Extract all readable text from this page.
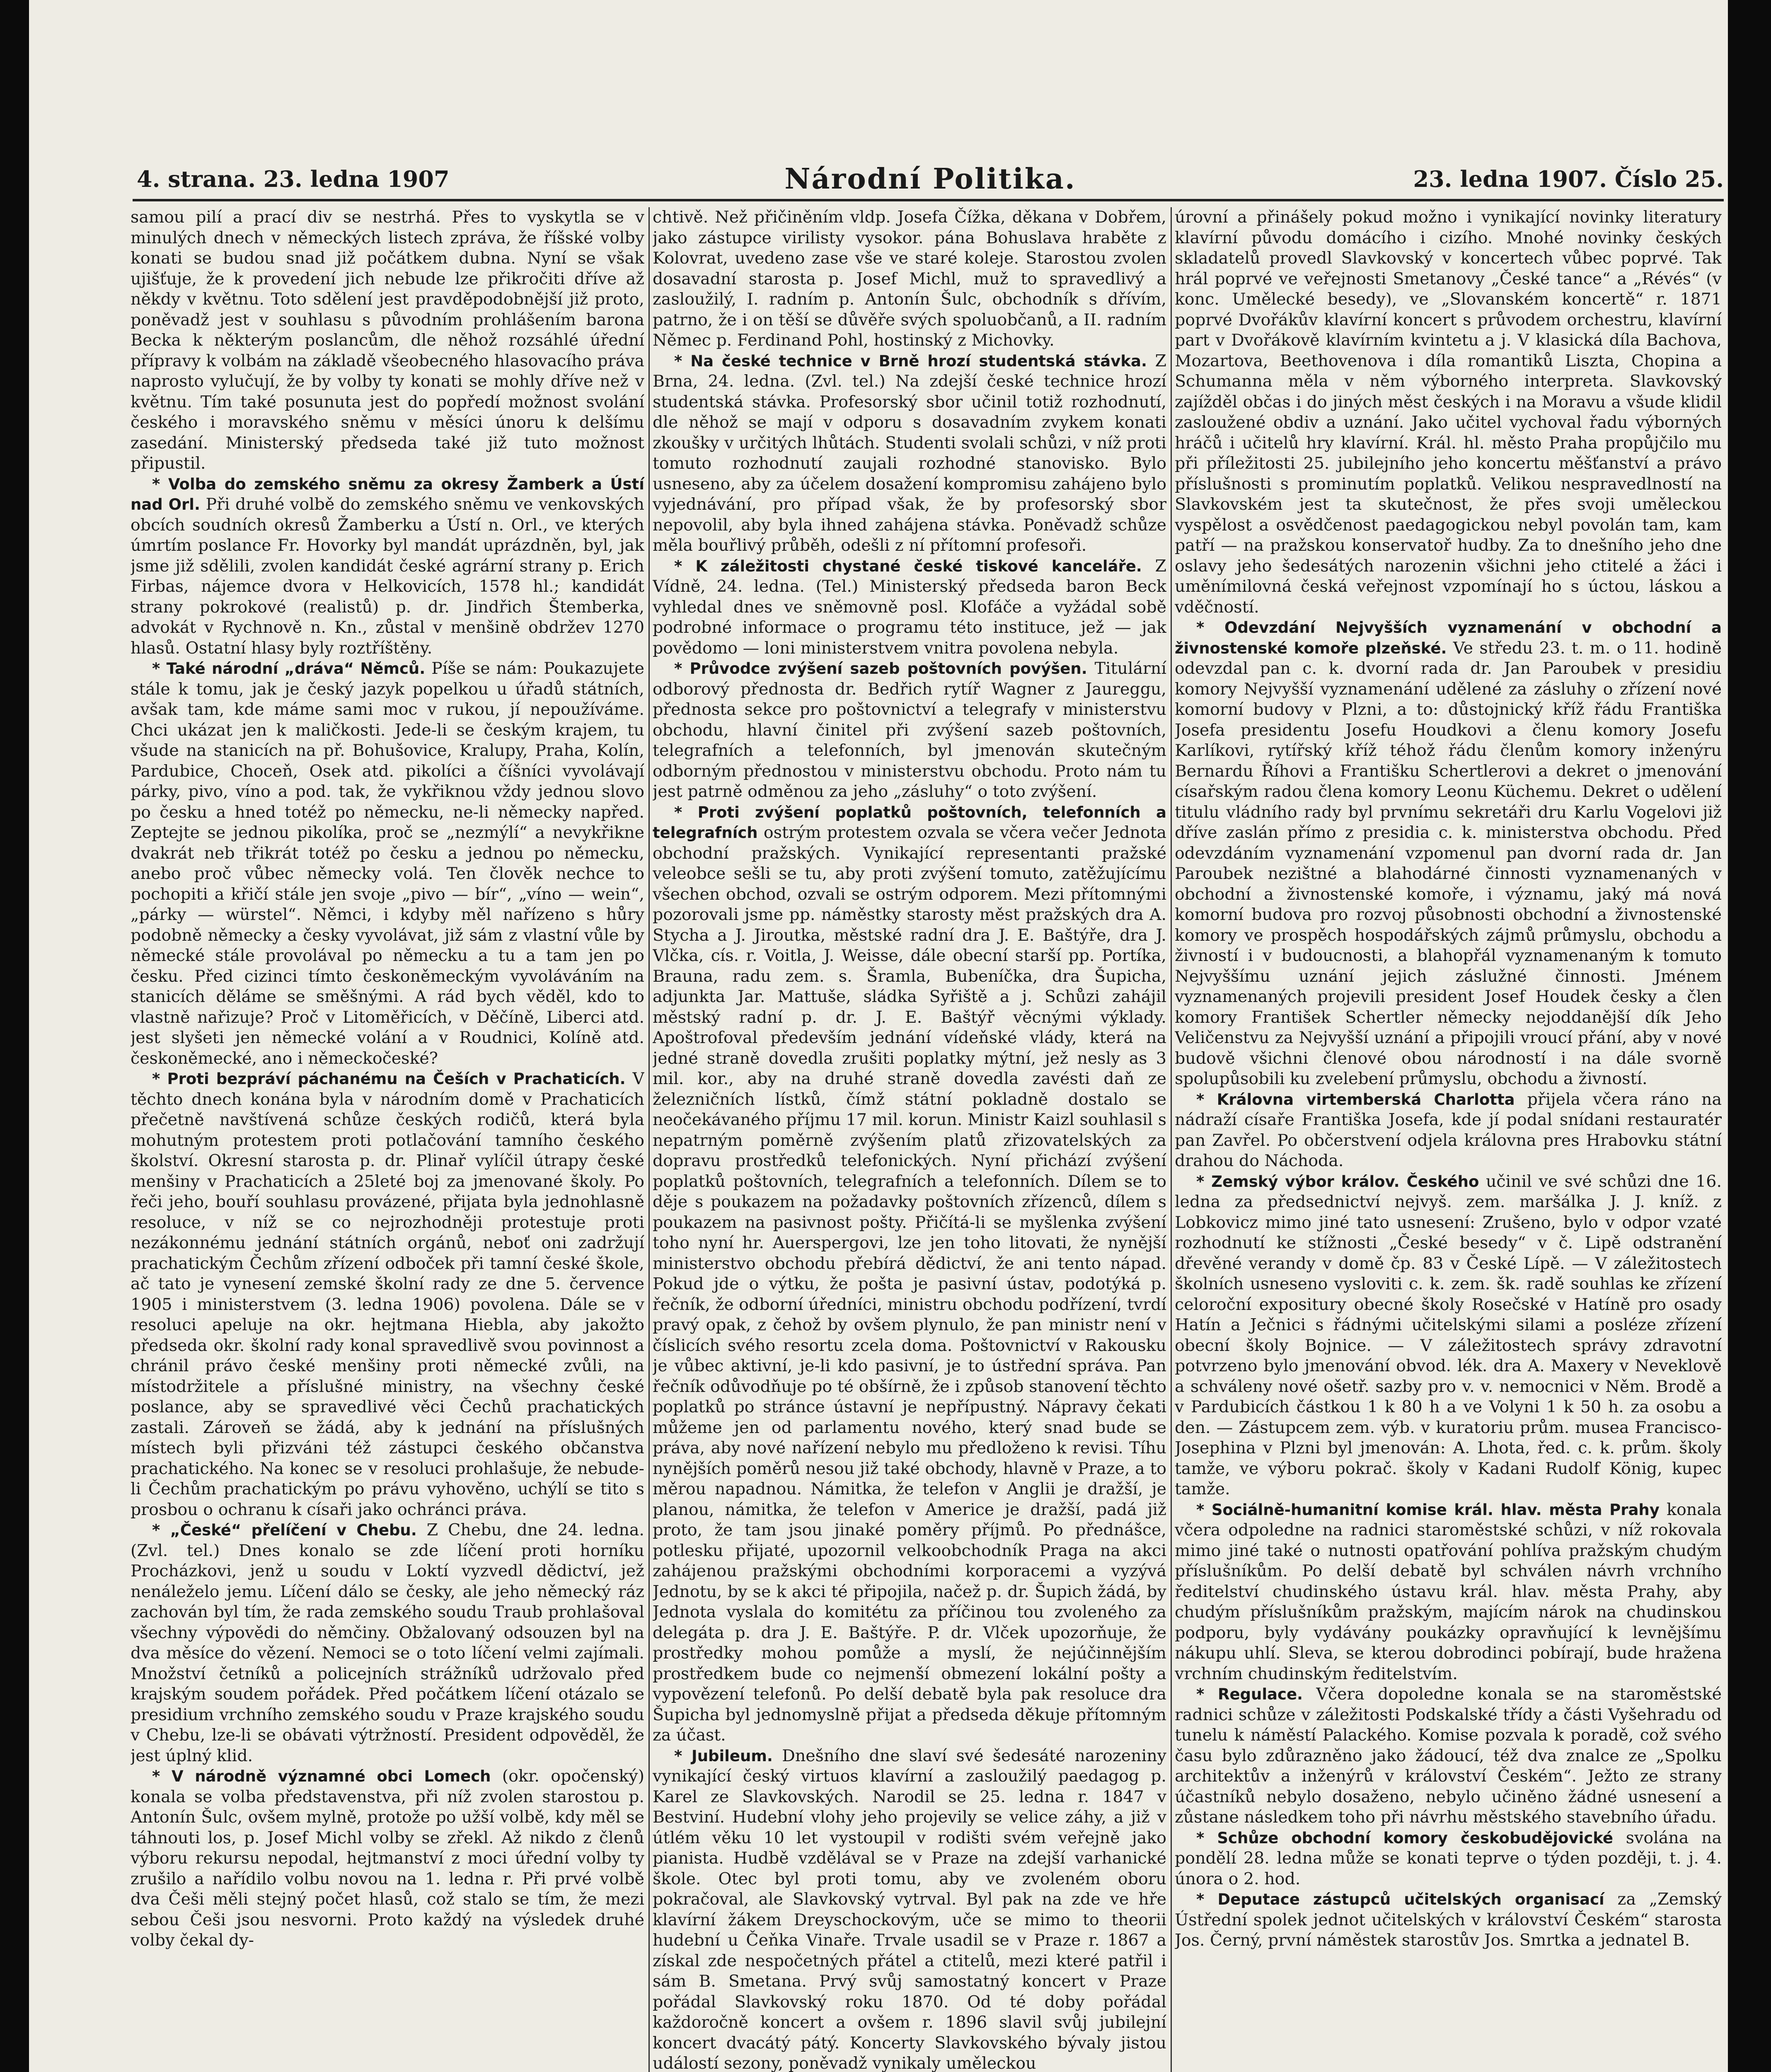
4. strana. 23. ledna 1907	Národní Politika.	23. ledna 1907. Číslo 25.

samou pilí a prací div se nestrhá. Přes to vyskytla se v minulých dnech v německých listech zpráva, že říšské volby konati se budou snad již počátkem dubna. Nyní se však ujišťuje, že k provedení jich nebude lze přikročiti dříve až někdy v květnu. Toto sdělení jest pravděpodobnější již proto, poněvadž jest v souhlasu s původním prohlášením barona Becka k některým poslancům, dle něhož rozsáhlé úřední přípravy k volbám na základě všeobecného hlasovacího práva naprosto vylučují, že by volby ty konati se mohly dříve než v květnu. Tím také posunuta jest do popředí možnost svolání českého i moravského sněmu v měsíci únoru k delšímu zasedání. Ministerský předseda také již tuto možnost připustil.

* Volba do zemského sněmu za okresy Žamberk a Ústí nad Orl. Při druhé volbě do zemského sněmu ve venkovských obcích soudních okresů Žamberku a Ústí n. Orl., ve kterých úmrtím poslance Fr. Hovorky byl mandát uprázdněn, byl, jak jsme již sdělili, zvolen kandidát české agrární strany p. Erich Firbas, nájemce dvora v Helkovicích, 1578 hl.; kandidát strany pokrokové (realistů) p. dr. Jindřich Štemberka, advokát v Rychnově n. Kn., zůstal v menšině obdržev 1270 hlasů. Ostatní hlasy byly roztříštěny.

* Také národní „dráva“ Němců. Píše se nám: Poukazujete stále k tomu, jak je český jazyk popelkou u úřadů státních, avšak tam, kde máme sami moc v rukou, jí nepoužíváme. Chci ukázat jen k maličkosti. Jede-li se českým krajem, tu všude na stanicích na př. Bohušovice, Kralupy, Praha, Kolín, Pardubice, Choceň, Osek atd. pikolíci a číšníci vyvolávají párky, pivo, víno a pod. tak, že vykřiknou vždy jednou slovo po česku a hned totéž po německu, ne-li německy napřed. Zeptejte se jednou pikolíka, proč se „nezmýlí“ a nevykřikne dvakrát neb třikrát totéž po česku a jednou po německu, anebo proč vůbec německy volá. Ten člověk nechce to pochopiti a křičí stále jen svoje „pivo — bír“, „víno — wein“, „párky — würstel“. Němci, i kdyby měl nařízeno s hůry podobně německy a česky vyvolávat, již sám z vlastní vůle by německé stále provolával po německu a tu a tam jen po česku. Před cizinci tímto českoněmeckým vyvoláváním na stanicích děláme se směšnými. A rád bych věděl, kdo to vlastně nařizuje? Proč v Litoměřicích, v Děčíně, Liberci atd. jest slyšeti jen německé volání a v Roudnici, Kolíně atd. českoněmecké, ano i německočeské?

* Proti bezpráví páchanému na Češích v Prachaticích. V těchto dnech konána byla v národním domě v Prachaticích přečetně navštívená schůze českých rodičů, která byla mohutným protestem proti potlačování tamního českého školství. Okresní starosta p. dr. Plinař vylíčil útrapy české menšiny v Prachaticích a 25leté boj za jmenované školy. Po řeči jeho, bouří souhlasu provázené, přijata byla jednohlasně resoluce, v níž se co nejrozhodněji protestuje proti nezákonnému jednání státních orgánů, neboť oni zadržují prachatickým Čechům zřízení odboček při tamní české škole, ač tato je vynesení zemské školní rady ze dne 5. července 1905 i ministerstvem (3. ledna 1906) povolena. Dále se v resoluci apeluje na okr. hejtmana Hiebla, aby jakožto předseda okr. školní rady konal spravedlivě svou povinnost a chránil právo české menšiny proti německé zvůli, na místodržitele a příslušné ministry, na všechny české poslance, aby se spravedlivé věci Čechů prachatických zastali. Zároveň se žádá, aby k jednání na příslušných místech byli přizváni též zástupci českého občanstva prachatického. Na konec se v resoluci prohlašuje, že nebude-li Čechům prachatickým po právu vyhověno, uchýlí se tito s prosbou o ochranu k císaři jako ochránci práva.

* „České“ přelíčení v Chebu. Z Chebu, dne 24. ledna. (Zvl. tel.) Dnes konalo se zde líčení proti horníku Procházkovi, jenž u soudu v Loktí vyzvedl dědictví, jež nenáleželo jemu. Líčení dálo se česky, ale jeho německý ráz zachován byl tím, že rada zemského soudu Traub prohlašoval všechny výpovědi do němčiny. Obžalovaný odsouzen byl na dva měsíce do vězení. Nemoci se o toto líčení velmi zajímali. Množství četníků a policejních strážníků udržovalo před krajským soudem pořádek. Před počátkem líčení otázalo se presidium vrchního zemského soudu v Praze krajského soudu v Chebu, lze-li se obávati výtržností. President odpověděl, že jest úplný klid.

* V národně významné obci Lomech (okr. opočenský) konala se volba představenstva, při níž zvolen starostou p. Antonín Šulc, ovšem mylně, protože po užší volbě, kdy měl se táhnouti los, p. Josef Michl volby se zřekl. Až nikdo z členů výboru rekursu nepodal, hejtmanství z moci úřední volby ty zrušilo a nařídilo volbu novou na 1. ledna r. Při prvé volbě dva Češi měli stejný počet hlasů, což stalo se tím, že mezi sebou Češi jsou nesvorni. Proto každý na výsledek druhé volby čekal dy-

chtivě. Než přičiněním vldp. Josefa Čížka, děkana v Dobřem, jako zástupce virilisty vysokor. pána Bohuslava hraběte z Kolovrat, uvedeno zase vše ve staré koleje. Starostou zvolen dosavadní starosta p. Josef Michl, muž to spravedlivý a zasloužilý, I. radním p. Antonín Šulc, obchodník s dřívím, patrno, že i on těší se důvěře svých spoluobčanů, a II. radním Němec p. Ferdinand Pohl, hostinský z Michovky.

* Na české technice v Brně hrozí studentská stávka. Z Brna, 24. ledna. (Zvl. tel.) Na zdejší české technice hrozí studentská stávka. Profesorský sbor učinil totiž rozhodnutí, dle něhož se mají v odporu s dosavadním zvykem konati zkoušky v určitých lhůtách. Studenti svolali schůzi, v níž proti tomuto rozhodnutí zaujali rozhodné stanovisko. Bylo usneseno, aby za účelem dosažení kompromisu zahájeno bylo vyjednávání, pro případ však, že by profesorský sbor nepovolil, aby byla ihned zahájena stávka. Poněvadž schůze měla bouřlivý průběh, odešli z ní přítomní profesoři.

* K záležitosti chystané české tiskové kanceláře. Z Vídně, 24. ledna. (Tel.) Ministerský předseda baron Beck vyhledal dnes ve sněmovně posl. Klofáče a vyžádal sobě podrobné informace o programu této instituce, jež — jak povědomo — loni ministerstvem vnitra povolena nebyla.

* Průvodce zvýšení sazeb poštovních povýšen. Titulární odborový přednosta dr. Bedřich rytíř Wagner z Jaureggu, přednosta sekce pro poštovnictví a telegrafy v ministerstvu obchodu, hlavní činitel při zvýšení sazeb poštovních, telegrafních a telefonních, byl jmenován skutečným odborným přednostou v ministerstvu obchodu. Proto nám tu jest patrně odměnou za jeho „zásluhy“ o toto zvýšení.

* Proti zvýšení poplatků poštovních, telefonních a telegrafních ostrým protestem ozvala se včera večer Jednota obchodní pražských. Vynikající representanti pražské veleobce sešli se tu, aby proti zvýšení tomuto, zatěžujícímu všechen obchod, ozvali se ostrým odporem. Mezi přítomnými pozorovali jsme pp. náměstky starosty měst pražských dra A. Stycha a J. Jiroutka, městské radní dra J. E. Baštýře, dra J. Vlčka, cís. r. Voitla, J. Weisse, dále obecní starší pp. Portíka, Brauna, radu zem. s. Šramla, Bubeníčka, dra Šupicha, adjunkta Jar. Mattuše, sládka Syřiště a j. Schůzi zahájil městský radní p. dr. J. E. Baštýř věcnými výklady. Apoštrofoval především jednání vídeňské vlády, která na jedné straně dovedla zrušiti poplatky mýtní, jež nesly as 3 mil. kor., aby na druhé straně dovedla zavésti daň ze železničních lístků, čímž státní pokladně dostalo se neočekávaného příjmu 17 mil. korun. Ministr Kaizl souhlasil s nepatrným poměrně zvýšením platů zřizovatelských za dopravu prostředků telefonických. Nyní přichází zvýšení poplatků poštovních, telegrafních a telefonních. Dílem se to děje s poukazem na požadavky poštovních zřízenců, dílem s poukazem na pasivnost pošty. Přičítá-li se myšlenka zvýšení toho nyní hr. Auerspergovi, lze jen toho litovati, že nynější ministerstvo obchodu přebírá dědictví, že ani tento nápad. Pokud jde o výtku, že pošta je pasivní ústav, podotýká p. řečník, že odborní úředníci, ministru obchodu podřízení, tvrdí pravý opak, z čehož by ovšem plynulo, že pan ministr není v číslicích svého resortu zcela doma. Poštovnictví v Rakousku je vůbec aktivní, je-li kdo pasivní, je to ústřední správa. Pan řečník odůvodňuje po té obšírně, že i způsob stanovení těchto poplatků po stránce ústavní je nepřípustný. Nápravy čekati můžeme jen od parlamentu nového, který snad bude se práva, aby nové nařízení nebylo mu předloženo k revisi. Tíhu nynějších poměrů nesou již také obchody, hlavně v Praze, a to měrou napadnou. Námitka, že telefon v Anglii je dražší, je planou, námitka, že telefon v Americe je dražší, padá již proto, že tam jsou jinaké poměry příjmů. Po přednášce, potlesku přijaté, upozornil velkoobchodník Praga na akci zahájenou pražskými obchodními korporacemi a vyzývá Jednotu, by se k akci té připojila, načež p. dr. Šupich žádá, by Jednota vyslala do komitétu za příčinou tou zvoleného za delegáta p. dra J. E. Baštýře. P. dr. Vlček upozorňuje, že prostředky mohou pomůže a myslí, že nejúčinnějším prostředkem bude co nejmenší obmezení lokální pošty a vypovězení telefonů. Po delší debatě byla pak resoluce dra Šupicha byl jednomyslně přijat a předseda děkuje přítomným za účast.

* Jubileum. Dnešního dne slaví své šedesáté narozeniny vynikající český virtuos klavírní a zasloužilý paedagog p. Karel ze Slavkovských. Narodil se 25. ledna r. 1847 v Bestviní. Hudební vlohy jeho projevily se velice záhy, a již v útlém věku 10 let vystoupil v rodišti svém veřejně jako pianista. Hudbě vzdělával se v Praze na zdejší varhanické škole. Otec byl proti tomu, aby ve zvoleném oboru pokračoval, ale Slavkovský vytrval. Byl pak na zde ve hře klavírní žákem Dreyschockovým, uče se mimo to theorii hudební u Čeňka Vinaře. Trvale usadil se v Praze r. 1867 a získal zde nespočetných přátel a ctitelů, mezi které patřil i sám B. Smetana. Prvý svůj samostatný koncert v Praze pořádal Slavkovský roku 1870. Od té doby pořádal každoročně koncert a ovšem r. 1896 slavil svůj jubilejní koncert dvacátý pátý. Koncerty Slavkovského bývaly jistou událostí sezony, poněvadž vynikaly uměleckou

úrovní a přinášely pokud možno i vynikající novinky literatury klavírní původu domácího i cizího. Mnohé novinky českých skladatelů provedl Slavkovský v koncertech vůbec poprvé. Tak hrál poprvé ve veřejnosti Smetanovy „České tance“ a „Révés“ (v konc. Umělecké besedy), ve „Slovanském koncertě“ r. 1871 poprvé Dvořákův klavírní koncert s průvodem orchestru, klavírní part v Dvořákově klavírním kvintetu a j. V klasická díla Bachova, Mozartova, Beethovenova i díla romantiků Liszta, Chopina a Schumanna měla v něm výborného interpreta. Slavkovský zajížděl občas i do jiných měst českých i na Moravu a všude klidil zasloužené obdiv a uznání. Jako učitel vychoval řadu výborných hráčů i učitelů hry klavírní. Král. hl. město Praha propůjčilo mu při příležitosti 25. jubilejního jeho koncertu měšťanství a právo příslušnosti s prominutím poplatků. Velikou nespravedlností na Slavkovském jest ta skutečnost, že přes svoji uměleckou vyspělost a osvědčenost paedagogickou nebyl povolán tam, kam patří — na pražskou konservatoř hudby. Za to dnešního jeho dne oslavy jeho šedesátých narozenin všichni jeho ctitelé a žáci i uměnímilovná česká veřejnost vzpomínají ho s úctou, láskou a vděčností.

* Odevzdání Nejvyšších vyznamenání v obchodní a živnostenské komoře plzeňské. Ve středu 23. t. m. o 11. hodině odevzdal pan c. k. dvorní rada dr. Jan Paroubek v presidiu komory Nejvyšší vyznamenání udělené za zásluhy o zřízení nové komorní budovy v Plzni, a to: důstojnický kříž řádu Františka Josefa presidentu Josefu Houdkovi a členu komory Josefu Karlíkovi, rytířský kříž téhož řádu členům komory inženýru Bernardu Říhovi a Františku Schertlerovi a dekret o jmenování císařským radou člena komory Leonu Küchemu. Dekret o udělení titulu vládního rady byl prvnímu sekretáři dru Karlu Vogelovi již dříve zaslán přímo z presidia c. k. ministerstva obchodu. Před odevzdáním vyznamenání vzpomenul pan dvorní rada dr. Jan Paroubek nezištné a blahodárné činnosti vyznamenaných v obchodní a živnostenské komoře, i významu, jaký má nová komorní budova pro rozvoj působnosti obchodní a živnostenské komory ve prospěch hospodářských zájmů průmyslu, obchodu a živností i v budoucnosti, a blahopřál vyznamenaným k tomuto Nejvyššímu uznání jejich záslužné činnosti. Jménem vyznamenaných projevili president Josef Houdek česky a člen komory František Schertler německy nejoddanější dík Jeho Veličenstvu za Nejvyšší uznání a připojili vroucí přání, aby v nové budově všichni členové obou národností i na dále svorně spolupůsobili ku zvelebení průmyslu, obchodu a živností.

* Královna virtemberská Charlotta přijela včera ráno na nádraží císaře Františka Josefa, kde jí podal snídani restauratér pan Zavřel. Po občerstvení odjela královna pres Hrabovku státní drahou do Náchoda.

* Zemský výbor králov. Českého učinil ve své schůzi dne 16. ledna za předsednictví nejvyš. zem. maršálka J. J. kníž. z Lobkovicz mimo jiné tato usnesení: Zrušeno, bylo v odpor vzaté rozhodnutí ke stížnosti „České besedy“ v č. Lipě odstranění dřevěné verandy v domě čp. 83 v České Lípě. — V záležitostech školních usneseno vysloviti c. k. zem. šk. radě souhlas ke zřízení celoroční expositury obecné školy Rosečské v Hatíně pro osady Hatín a Ječnici s řádnými učitelskými silami a posléze zřízení obecní školy Bojnice. — V záležitostech správy zdravotní potvrzeno bylo jmenování obvod. lék. dra A. Maxery v Neveklově a schváleny nové ošetř. sazby pro v. v. nemocnici v Něm. Brodě a v Pardubicích částkou 1 k 80 h a ve Volyni 1 k 50 h. za osobu a den. — Zástupcem zem. výb. v kuratoriu prům. musea Francisco-Josephina v Plzni byl jmenován: A. Lhota, řed. c. k. prům. školy tamže, ve výboru pokrač. školy v Kadani Rudolf König, kupec tamže.

* Sociálně-humanitní komise král. hlav. města Prahy konala včera odpoledne na radnici staroměstské schůzi, v níž rokovala mimo jiné také o nutnosti opatřování pohlíva pražským chudým příslušníkům. Po delší debatě byl schválen návrh vrchního ředitelství chudinského ústavu král. hlav. města Prahy, aby chudým příslušníkům pražským, majícím nárok na chudinskou podporu, byly vydávány poukázky opravňující k levnějšímu nákupu uhlí. Sleva, se kterou dobrodinci pobírají, bude hražena vrchním chudinským ředitelstvím.

* Regulace. Včera dopoledne konala se na staroměstské radnici schůze v záležitosti Podskalské třídy a části Vyšehradu od tunelu k náměstí Palackého. Komise pozvala k poradě, což svého času bylo zdůrazněno jako žádoucí, též dva znalce ze „Spolku architektův a inženýrů v království Českém“. Ježto ze strany účastníků nebylo dosaženo, nebylo učiněno žádné usnesení a zůstane následkem toho při návrhu městského stavebního úřadu.

* Schůze obchodní komory českobudějovické svolána na pondělí 28. ledna může se konati teprve o týden později, t. j. 4. února o 2. hod.

* Deputace zástupců učitelských organisací za „Zemský Ústřední spolek jednot učitelských v království Českém“ starosta Jos. Černý, první náměstek starostův Jos. Smrtka a jednatel B.
